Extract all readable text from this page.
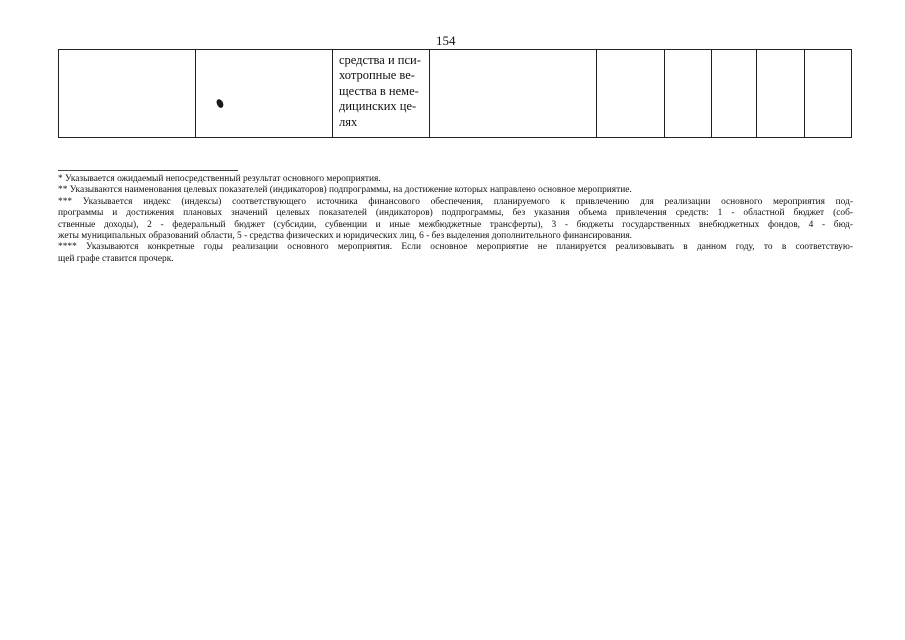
154

средства и пси-
хотропные ве-
щества в неме-
дицинских це-
лях

* Указывается ожидаемый непосредственный результат основного мероприятия.
** Указываются наименования целевых показателей (индикаторов) подпрограммы, на достижение которых направлено основное мероприятие.
*** Указывается индекс (индексы) соответствующего источника финансового обеспечения, планируемого к привлечению для реализации основного мероприятия под-
программы и достижения плановых значений целевых показателей (индикаторов) подпрограммы, без указания объема привлечения средств: 1 - областной бюджет (соб-
ственные доходы), 2 - федеральный бюджет (субсидии, субвенции и иные межбюджетные трансферты), 3 - бюджеты государственных внебюджетных фондов, 4 - бюд-
жеты муниципальных образований области, 5 - средства физических и юридических лиц, 6 - без выделения дополнительного финансирования.
**** Указываются конкретные годы реализации основного мероприятия. Если основное мероприятие не планируется реализовывать в данном году, то в соответствую-
щей графе ставится прочерк.
